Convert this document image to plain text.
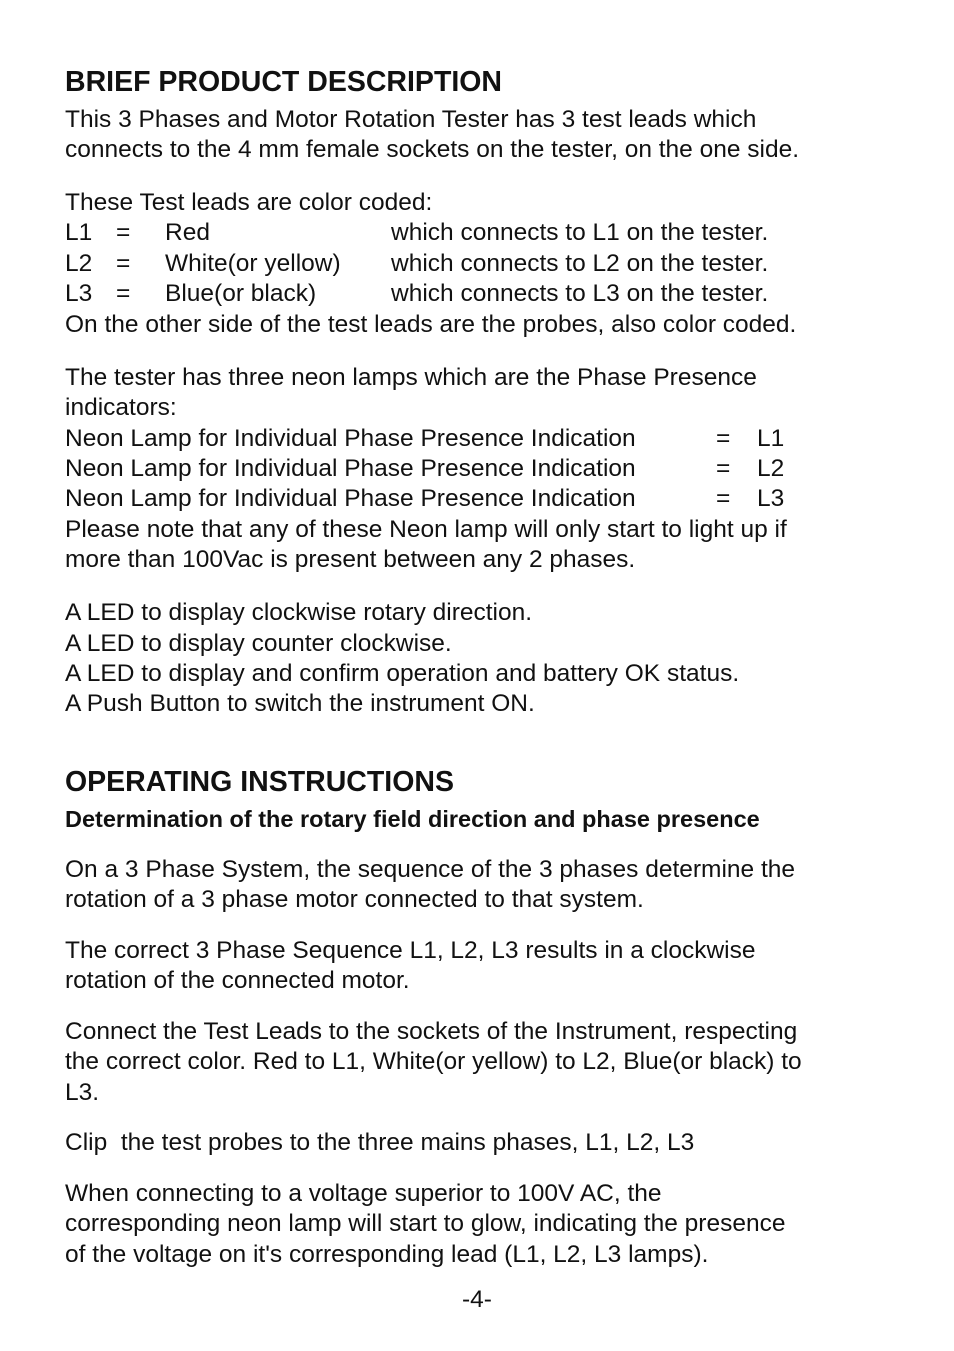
BRIEF PRODUCT DESCRIPTION
This 3 Phases and Motor Rotation Tester has 3 test leads which
connects to the 4 mm female sockets on the tester, on the one side.
These Test leads are color coded:
L1 = Red	which connects to L1 on the tester.
L2 = White(or yellow) which connects to L2 on the tester.
L3 = Blue(or black)	which connects to L3 on the tester.
On the other side of the test leads are the probes, also color coded.
The tester has three neon lamps which are the Phase Presence
indicators:
Neon Lamp for Individual Phase Presence Indication	= L1
Neon Lamp for Individual Phase Presence Indication	= L2
Neon Lamp for Individual Phase Presence Indication	= L3
Please note that any of these Neon lamp will only start to light up if
more than 100Vac is present between any 2 phases.
A LED to display clockwise rotary direction.
A LED to display counter clockwise.
A LED to display and confirm operation and battery OK status.
A Push Button to switch the instrument ON.
OPERATING INSTRUCTIONS
Determination of the rotary field direction and phase presence
On a 3 Phase System, the sequence of the 3 phases determine the
rotation of a 3 phase motor connected to that system.
The correct 3 Phase Sequence L1, L2, L3 results in a clockwise
rotation of the connected motor.
Connect the Test Leads to the sockets of the Instrument, respecting
the correct color. Red to L1, White(or yellow) to L2, Blue(or black) to
L3.
Clip  the test probes to the three mains phases, L1, L2, L3
When connecting to a voltage superior to 100V AC, the
corresponding neon lamp will start to glow, indicating the presence
of the voltage on it's corresponding lead (L1, L2, L3 lamps).
-4-
